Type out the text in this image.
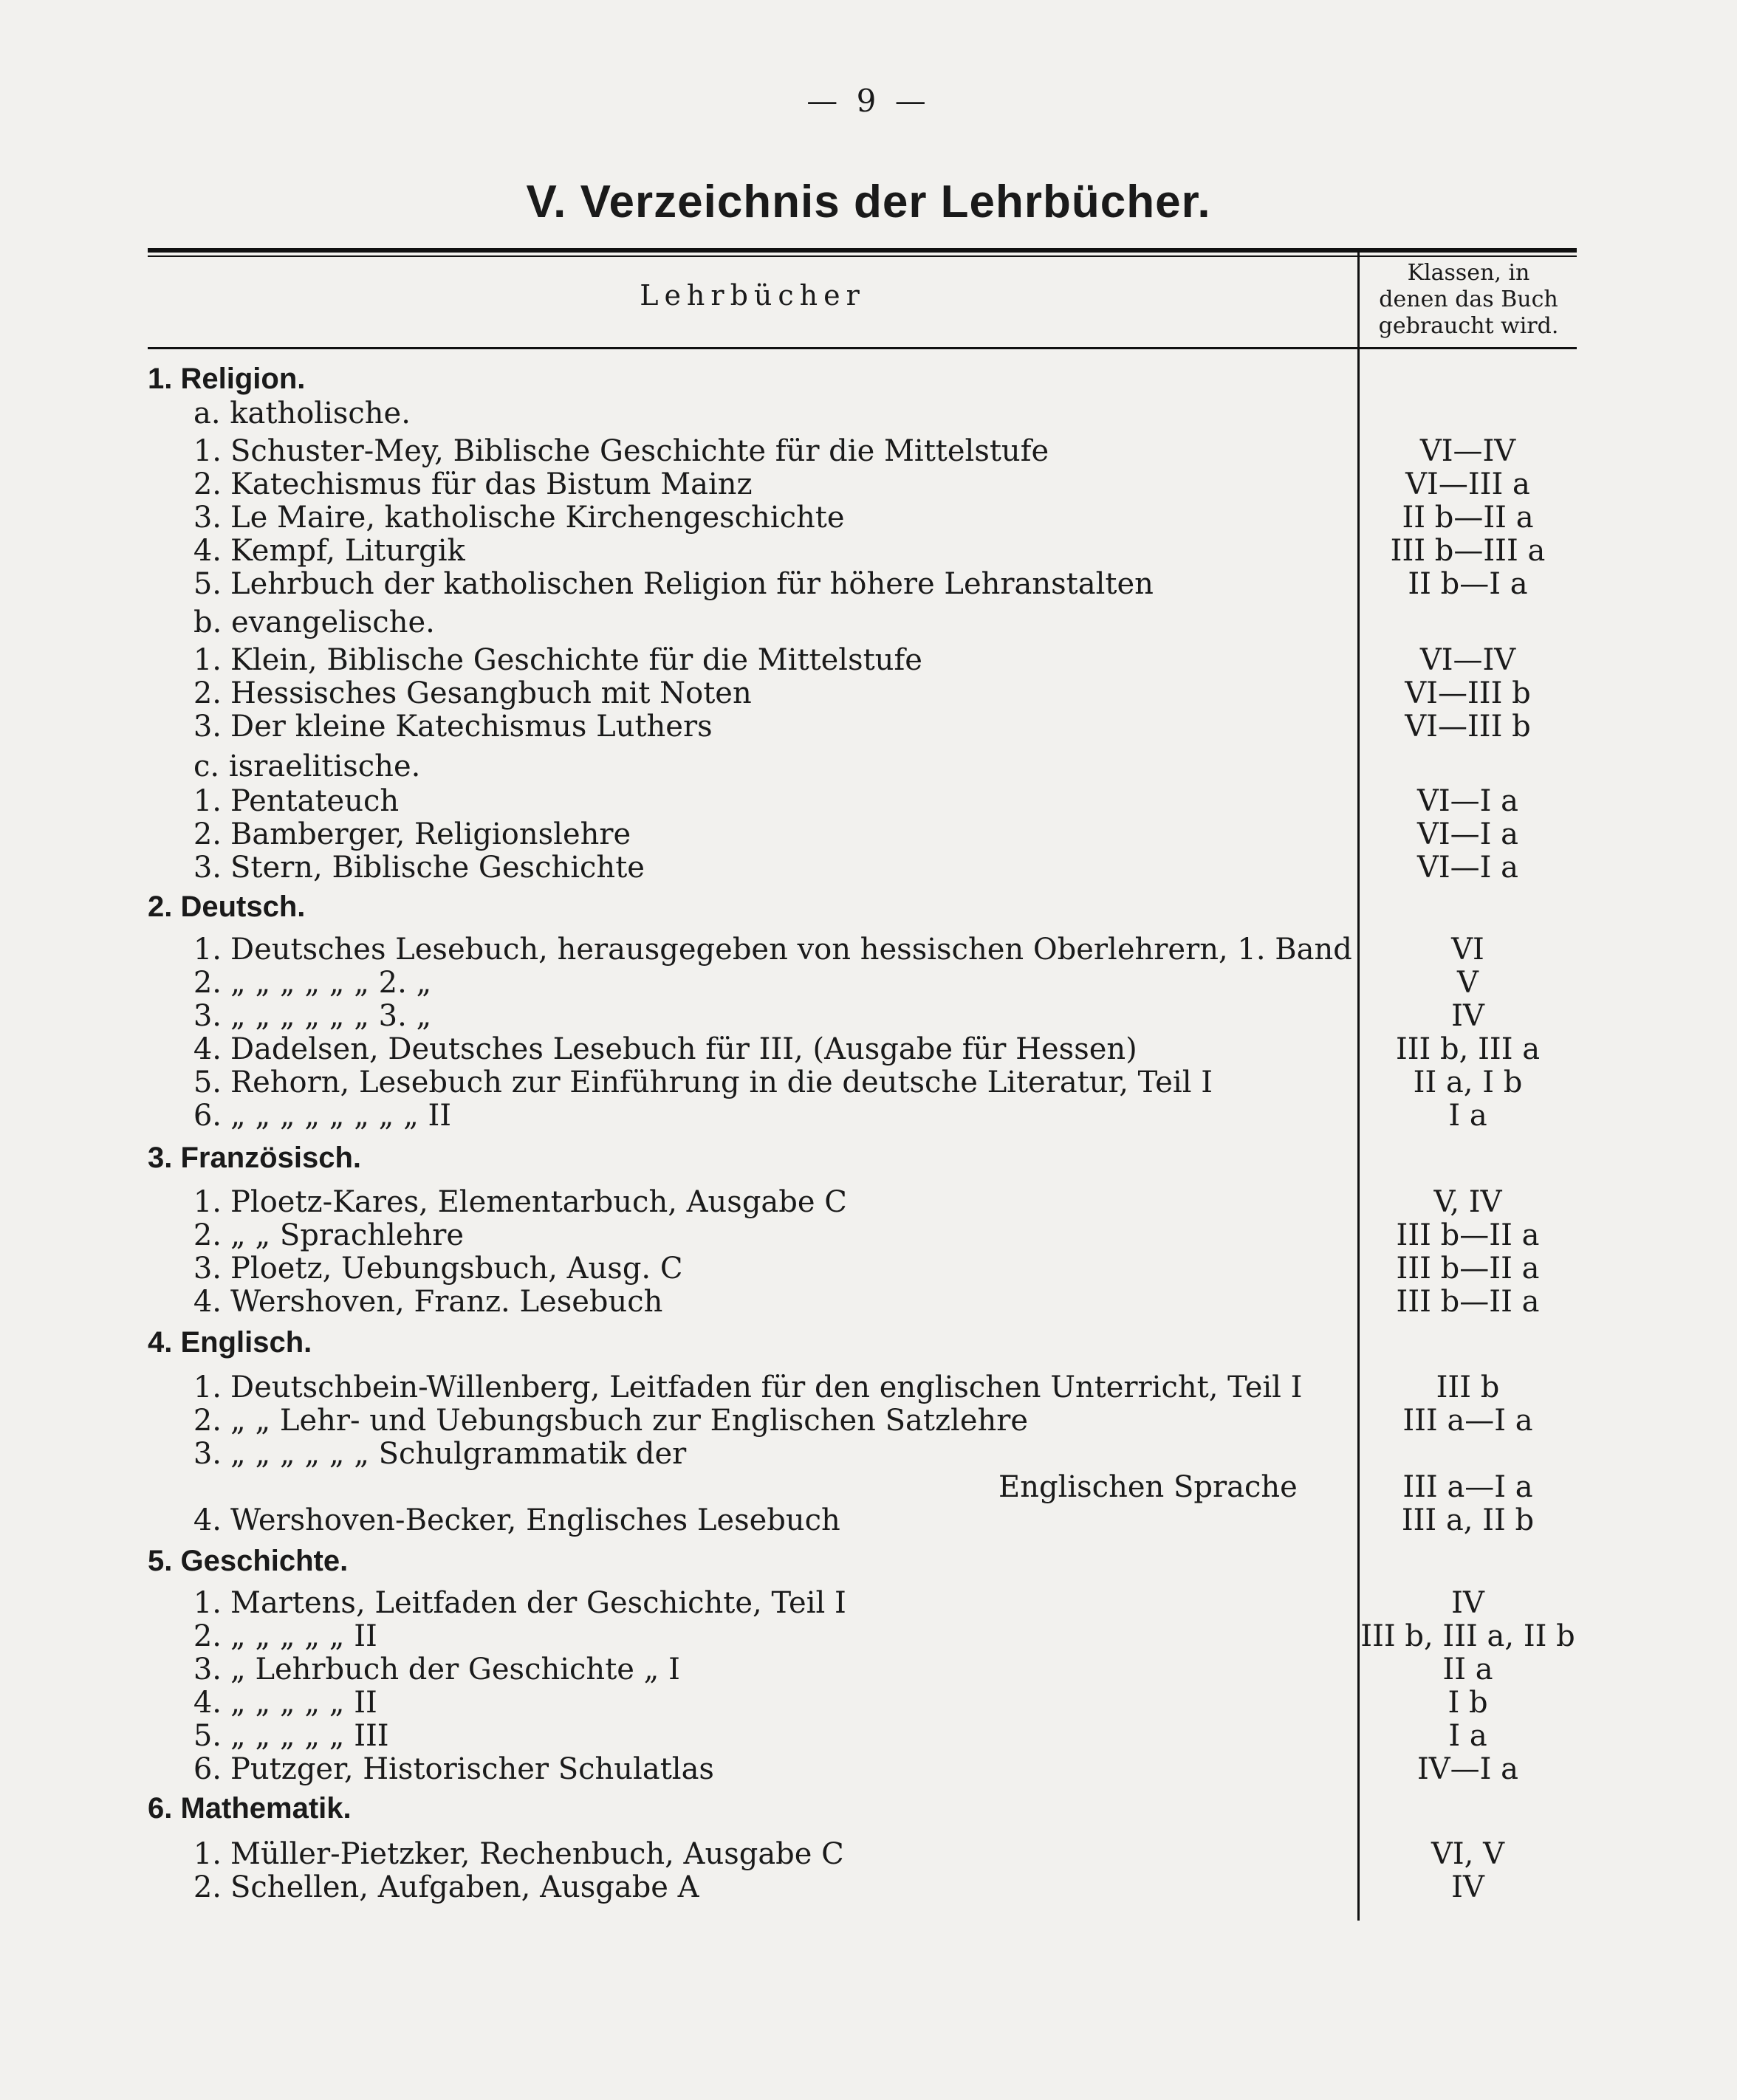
— 9 —
V. Verzeichnis der Lehrbücher.
Lehrbücher
Klassen, in
denen das Buch
gebraucht wird.
1. Religion.
a. katholische.
1. Schuster-Mey, Biblische Geschichte für die Mittelstufe	VI—IV
2. Katechismus für das Bistum Mainz	VI—III a
3. Le Maire, katholische Kirchengeschichte	II b—II a
4. Kempf, Liturgik	III b—III a
5. Lehrbuch der katholischen Religion für höhere Lehranstalten	II b—I a
b. evangelische.
1. Klein, Biblische Geschichte für die Mittelstufe	VI—IV
2. Hessisches Gesangbuch mit Noten	VI—III b
3. Der kleine Katechismus Luthers	VI—III b
c. israelitische.
1. Pentateuch	VI—I a
2. Bamberger, Religionslehre	VI—I a
3. Stern, Biblische Geschichte	VI—I a
2. Deutsch.
1. Deutsches Lesebuch, herausgegeben von hessischen Oberlehrern, 1. Band	VI
2. „ „ „ „ „ „ 2. „	V
3. „ „ „ „ „ „ 3. „	IV
4. Dadelsen, Deutsches Lesebuch für III, (Ausgabe für Hessen)	III b, III a
5. Rehorn, Lesebuch zur Einführung in die deutsche Literatur, Teil I	II a, I b
6. „ „ „ „ „ „ „ „ II	I a
3. Französisch.
1. Ploetz-Kares, Elementarbuch, Ausgabe C	V, IV
2. „ „ Sprachlehre	III b—II a
3. Ploetz, Uebungsbuch, Ausg. C	III b—II a
4. Wershoven, Franz. Lesebuch	III b—II a
4. Englisch.
1. Deutschbein-Willenberg, Leitfaden für den englischen Unterricht, Teil I	III b
2. „ „ Lehr- und Uebungsbuch zur Englischen Satzlehre	III a—I a
3. „ „ „ „ „ „ Schulgrammatik der
Englischen Sprache	III a—I a
4. Wershoven-Becker, Englisches Lesebuch	III a, II b
5. Geschichte.
1. Martens, Leitfaden der Geschichte, Teil I	IV
2. „ „ „ „ „ II	III b, III a, II b
3. „ Lehrbuch der Geschichte „ I	II a
4. „ „ „ „ „ II	I b
5. „ „ „ „ „ III	I a
6. Putzger, Historischer Schulatlas	IV—I a
6. Mathematik.
1. Müller-Pietzker, Rechenbuch, Ausgabe C	VI, V
2. Schellen, Aufgaben, Ausgabe A	IV
